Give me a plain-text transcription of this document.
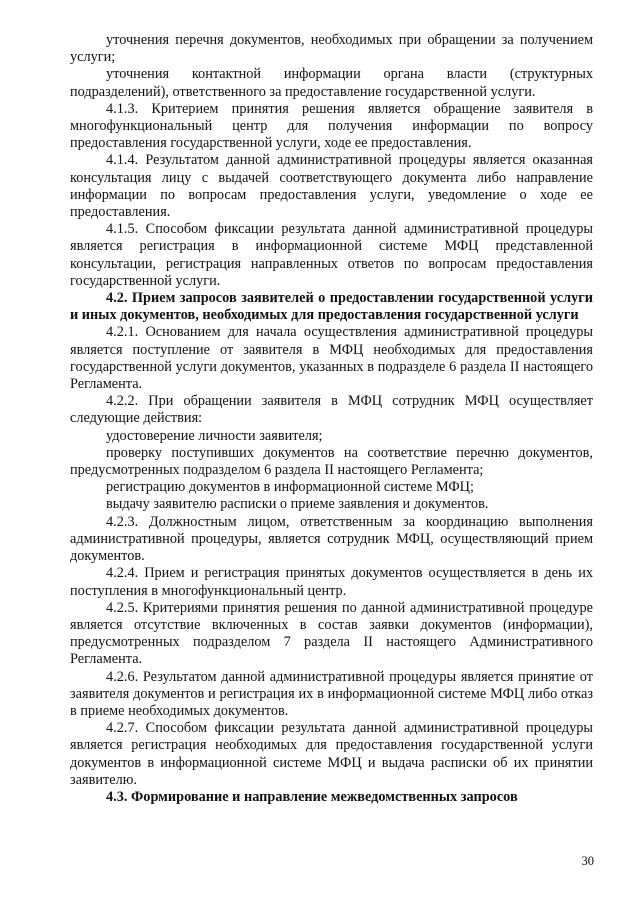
уточнения перечня документов, необходимых при обращении за получением услуги;

уточнения контактной информации органа власти (структурных подразделений), ответственного за предоставление государственной услуги.

4.1.3. Критерием принятия решения является обращение заявителя в многофункциональный центр для получения информации по вопросу предоставления государственной услуги, ходе ее предоставления.

4.1.4. Результатом данной административной процедуры является оказанная консультация лицу с выдачей соответствующего документа либо направление информации по вопросам предоставления услуги, уведомление о ходе ее предоставления.

4.1.5. Способом фиксации результата данной административной процедуры является регистрация в информационной системе МФЦ представленной консультации, регистрация направленных ответов по вопросам предоставления государственной услуги.

4.2. Прием запросов заявителей о предоставлении государственной услуги и иных документов, необходимых для предоставления государственной услуги

4.2.1. Основанием для начала осуществления административной процедуры является поступление от заявителя в МФЦ необходимых для предоставления государственной услуги документов, указанных в подразделе 6 раздела II настоящего Регламента.

4.2.2. При обращении заявителя в МФЦ сотрудник МФЦ осуществляет следующие действия:

удостоверение личности заявителя;

проверку поступивших документов на соответствие перечню документов, предусмотренных подразделом 6 раздела II настоящего Регламента;

регистрацию документов в информационной системе МФЦ;

выдачу заявителю расписки о приеме заявления и документов.

4.2.3. Должностным лицом, ответственным за координацию выполнения административной процедуры, является сотрудник МФЦ, осуществляющий прием документов.

4.2.4. Прием и регистрация принятых документов осуществляется в день их поступления в многофункциональный центр.

4.2.5. Критериями принятия решения по данной административной процедуре является отсутствие включенных в состав заявки документов (информации), предусмотренных подразделом 7 раздела II настоящего Административного Регламента.

4.2.6. Результатом данной административной процедуры является принятие от заявителя документов и регистрация их в информационной системе МФЦ либо отказ в приеме необходимых документов.

4.2.7. Способом фиксации результата данной административной процедуры является регистрация необходимых для предоставления государственной услуги документов в информационной системе МФЦ и выдача расписки об их принятии заявителю.

4.3. Формирование и направление межведомственных запросов

30
